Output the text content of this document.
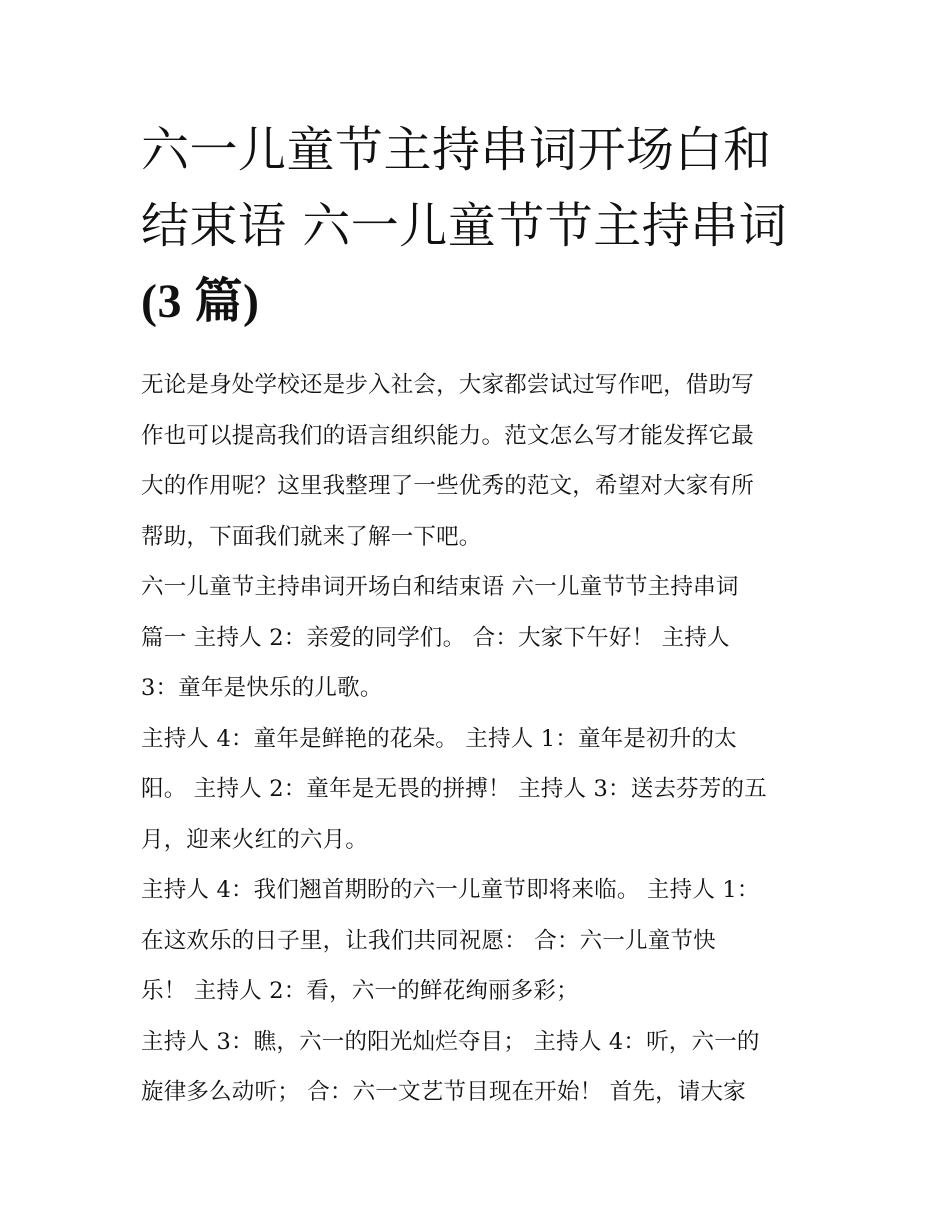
六一儿童节主持串词开场白和
结束语 六一儿童节节主持串词
(3 篇)
无论是身处学校还是步入社会，大家都尝试过写作吧，借助写
作也可以提高我们的语言组织能力。范文怎么写才能发挥它最
大的作用呢？这里我整理了一些优秀的范文，希望对大家有所
帮助，下面我们就来了解一下吧。
六一儿童节主持串词开场白和结束语 六一儿童节节主持串词
篇一 主持人 2：亲爱的同学们。 合：大家下午好！ 主持人
3：童年是快乐的儿歌。
主持人 4：童年是鲜艳的花朵。 主持人 1：童年是初升的太
阳。 主持人 2：童年是无畏的拼搏！ 主持人 3：送去芬芳的五
月，迎来火红的六月。
主持人 4：我们翘首期盼的六一儿童节即将来临。 主持人 1：
在这欢乐的日子里，让我们共同祝愿： 合：六一儿童节快
乐！ 主持人 2：看，六一的鲜花绚丽多彩；
主持人 3：瞧，六一的阳光灿烂夺目； 主持人 4：听，六一的
旋律多么动听； 合：六一文艺节目现在开始！ 首先，请大家
